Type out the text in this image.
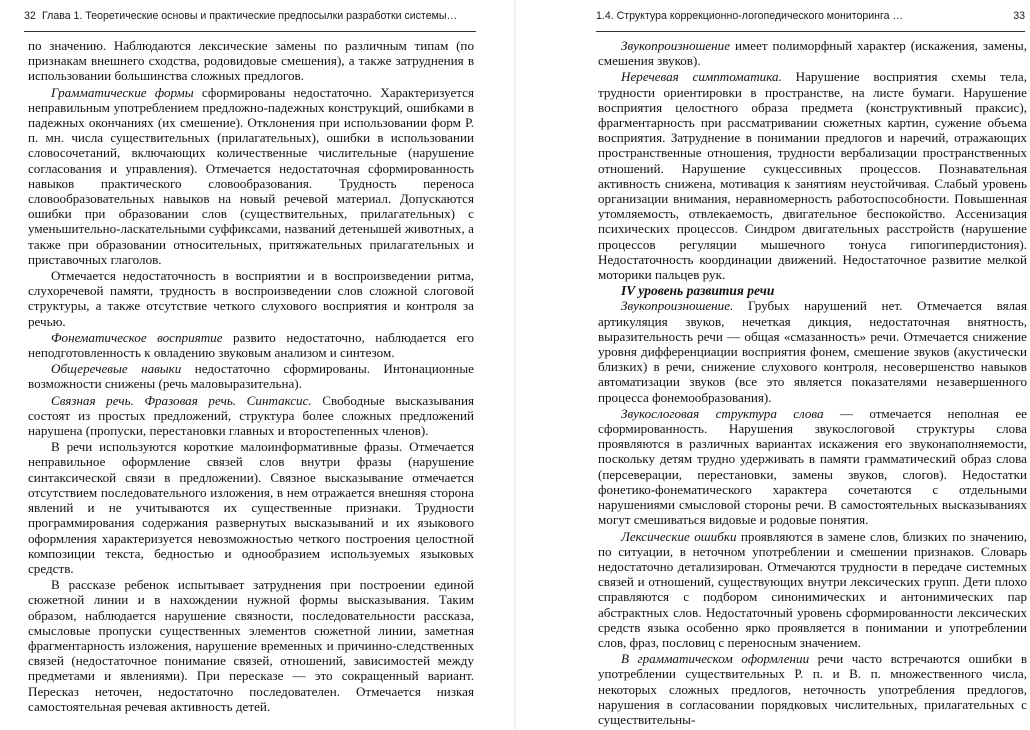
32 Глава 1. Теоретические основы и практические предпосылки разработки системы…

по значению. Наблюдаются лексические замены по различным типам (по признакам внешнего сходства, родовидовые смешения), а также затруднения в использовании большинства сложных предлогов.

Грамматические формы сформированы недостаточно. Характеризуется неправильным употреблением предложно-падежных конструкций, ошибками в падежных окончаниях (их смешение). Отклонения при использовании форм Р. п. мн. числа существительных (прилагательных), ошибки в использовании словосочетаний, включающих количественные числительные (нарушение согласования и управления). Отмечается недостаточная сформированность навыков практического словообразования. Трудность переноса словообразовательных навыков на новый речевой материал. Допускаются ошибки при образовании слов (существительных, прилагательных) с уменьшительно-ласкательными суффиксами, названий детенышей животных, а также при образовании относительных, притяжательных прилагательных и приставочных глаголов.

Отмечается недостаточность в восприятии и в воспроизведении ритма, слухоречевой памяти, трудность в воспроизведении слов сложной слоговой структуры, а также отсутствие четкого слухового восприятия и контроля за речью.

Фонематическое восприятие развито недостаточно, наблюдается его неподготовленность к овладению звуковым анализом и синтезом.

Общеречевые навыки недостаточно сформированы. Интонационные возможности снижены (речь маловыразительна).

Связная речь. Фразовая речь. Синтаксис. Свободные высказывания состоят из простых предложений, структура более сложных предложений нарушена (пропуски, перестановки главных и второстепенных членов).

В речи используются короткие малоинформативные фразы. Отмечается неправильное оформление связей слов внутри фразы (нарушение синтаксической связи в предложении). Связное высказывание отмечается отсутствием последовательного изложения, в нем отражается внешняя сторона явлений и не учитываются их существенные признаки. Трудности программирования содержания развернутых высказываний и их языкового оформления характеризуется невозможностью четкого построения целостной композиции текста, бедностью и однообразием используемых языковых средств.

В рассказе ребенок испытывает затруднения при построении единой сюжетной линии и в нахождении нужной формы высказывания. Таким образом, наблюдается нарушение связности, последовательности рассказа, смысловые пропуски существенных элементов сюжетной линии, заметная фрагментарность изложения, нарушение временных и причинно-следственных связей (недостаточное понимание связей, отношений, зависимостей между предметами и явлениями). При пересказе — это сокращенный вариант. Пересказ неточен, недостаточно последователен. Отмечается низкая самостоятельная речевая активность детей.

1.4. Структура коррекционно-логопедического мониторинга …	33

Звукопроизношение имеет полиморфный характер (искажения, замены, смешения звуков).

Неречевая симптоматика. Нарушение восприятия схемы тела, трудности ориентировки в пространстве, на листе бумаги. Нарушение восприятия целостного образа предмета (конструктивный праксис), фрагментарность при рассматривании сюжетных картин, сужение объема восприятия. Затруднение в понимании предлогов и наречий, отражающих пространственные отношения, трудности вербализации пространственных отношений. Нарушение сукцессивных процессов. Познавательная активность снижена, мотивация к занятиям неустойчивая. Слабый уровень организации внимания, неравномерность работоспособности. Повышенная утомляемость, отвлекаемость, двигательное беспокойство. Ассенизация психических процессов. Синдром двигательных расстройств (нарушение процессов регуляции мышечного тонуса гипогипердистония). Недостаточность координации движений. Недостаточное развитие мелкой моторики пальцев рук.

IV уровень развития речи

Звукопроизношение. Грубых нарушений нет. Отмечается вялая артикуляция звуков, нечеткая дикция, недостаточная внятность, выразительность речи — общая «смазанность» речи. Отмечается снижение уровня дифференциации восприятия фонем, смешение звуков (акустически близких) в речи, снижение слухового контроля, несовершенство навыков автоматизации звуков (все это является показателями незавершенного процесса фонемообразования).

Звукослоговая структура слова — отмечается неполная ее сформированность. Нарушения звукослоговой структуры слова проявляются в различных вариантах искажения его звуконаполняемости, поскольку детям трудно удерживать в памяти грамматический образ слова (персеверации, перестановки, замены звуков, слогов). Недостатки фонетико-фонематического характера сочетаются с отдельными нарушениями смысловой стороны речи. В самостоятельных высказываниях могут смешиваться видовые и родовые понятия.

Лексические ошибки проявляются в замене слов, близких по значению, по ситуации, в неточном употреблении и смешении признаков. Словарь недостаточно детализирован. Отмечаются трудности в передаче системных связей и отношений, существующих внутри лексических групп. Дети плохо справляются с подбором синонимических и антонимических пар абстрактных слов. Недостаточный уровень сформированности лексических средств языка особенно ярко проявляется в понимании и употреблении слов, фраз, пословиц с переносным значением.

В грамматическом оформлении речи часто встречаются ошибки в употреблении существительных Р. п. и В. п. множественного числа, некоторых сложных предлогов, неточность употребления предлогов, нарушения в согласовании порядковых числительных, прилагательных с существительны-
